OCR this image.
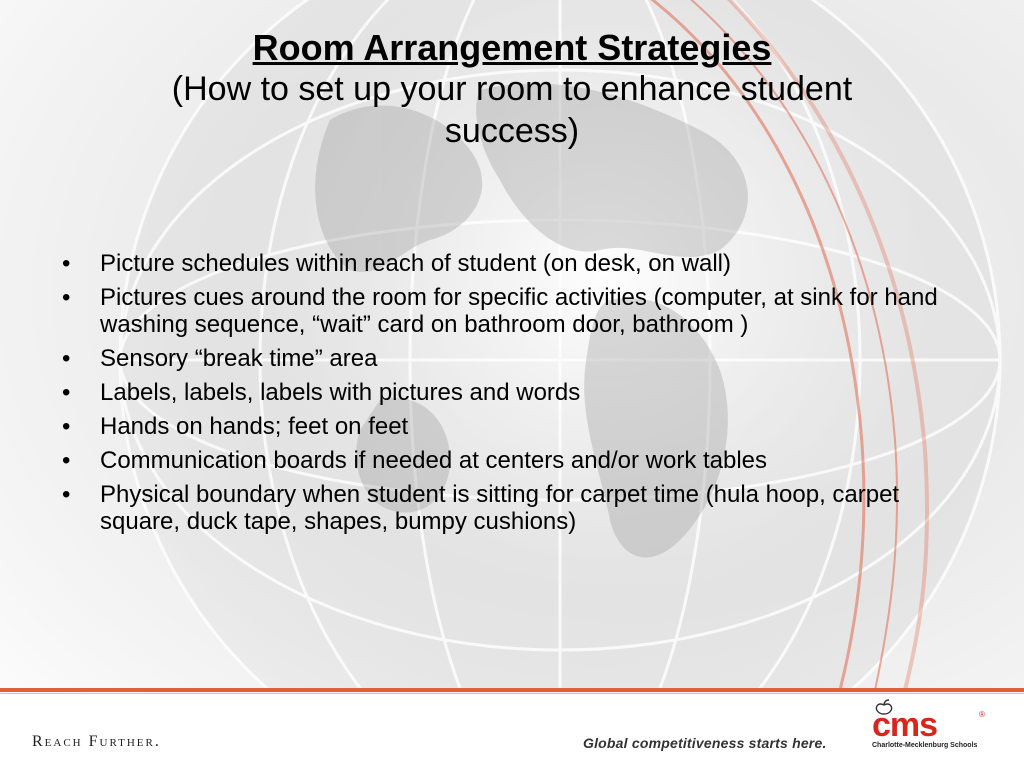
Room Arrangement Strategies
(How to set up your room to enhance student success)
• Picture schedules within reach of student (on desk, on wall)
• Pictures cues around the room for specific activities (computer, at sink for hand washing sequence, “wait” card on bathroom door, bathroom )
• Sensory “break time” area
• Labels, labels, labels with pictures and words
• Hands on hands; feet on feet
• Communication boards if needed at centers and/or work tables
• Physical boundary when student is sitting for carpet time (hula hoop, carpet square, duck tape, shapes, bumpy cushions)
Reach Further.	Global competitiveness starts here. cms	®
Charlotte-Mecklenburg Schools
